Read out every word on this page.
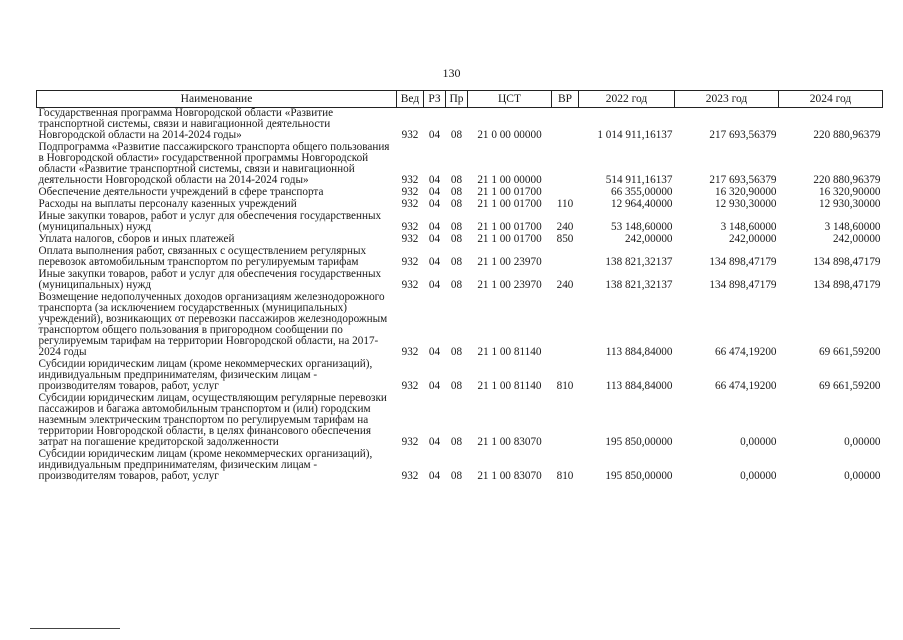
130
Наименование	Вед	РЗ	Пр	ЦСТ	ВР	2022 год	2023 год	2024 год
Государственная программа Новгородской области «Развитие транспортной системы, связи и навигационной деятельности Новгородской области на 2014-2024 годы»	932	04	08	21 0 00 00000		1 014 911,16137	217 693,56379	220 880,96379
Подпрограмма «Развитие пассажирского транспорта общего пользования в Новгородской области» государственной программы Новгородской области «Развитие транспортной системы, связи и навигационной деятельности Новгородской области на 2014-2024 годы»	932	04	08	21 1 00 00000		514 911,16137	217 693,56379	220 880,96379
Обеспечение деятельности учреждений в сфере транспорта	932	04	08	21 1 00 01700		66 355,00000	16 320,90000	16 320,90000
Расходы на выплаты персоналу казенных учреждений	932	04	08	21 1 00 01700	110	12 964,40000	12 930,30000	12 930,30000
Иные закупки товаров, работ и услуг для обеспечения государственных (муниципальных) нужд	932	04	08	21 1 00 01700	240	53 148,60000	3 148,60000	3 148,60000
Уплата налогов, сборов и иных платежей	932	04	08	21 1 00 01700	850	242,00000	242,00000	242,00000
Оплата выполнения работ, связанных с осуществлением регулярных перевозок автомобильным транспортом по регулируемым тарифам	932	04	08	21 1 00 23970		138 821,32137	134 898,47179	134 898,47179
Иные закупки товаров, работ и услуг для обеспечения государственных (муниципальных) нужд	932	04	08	21 1 00 23970	240	138 821,32137	134 898,47179	134 898,47179
Возмещение недополученных доходов организациям железнодорожного транспорта (за исключением государственных (муниципальных) учреждений), возникающих от перевозки пассажиров железнодорожным транспортом общего пользования в пригородном сообщении по регулируемым тарифам на территории Новгородской области, на 2017-2024 годы	932	04	08	21 1 00 81140		113 884,84000	66 474,19200	69 661,59200
Субсидии юридическим лицам (кроме некоммерческих организаций), индивидуальным предпринимателям, физическим лицам - производителям товаров, работ, услуг	932	04	08	21 1 00 81140	810	113 884,84000	66 474,19200	69 661,59200
Субсидии юридическим лицам, осуществляющим регулярные перевозки пассажиров и багажа автомобильным транспортом и (или) городским наземным электрическим транспортом по регулируемым тарифам на территории Новгородской области, в целях финансового обеспечения затрат на погашение кредиторской задолженности	932	04	08	21 1 00 83070		195 850,00000	0,00000	0,00000
Субсидии юридическим лицам (кроме некоммерческих организаций), индивидуальным предпринимателям, физическим лицам - производителям товаров, работ, услуг	932	04	08	21 1 00 83070	810	195 850,00000	0,00000	0,00000
